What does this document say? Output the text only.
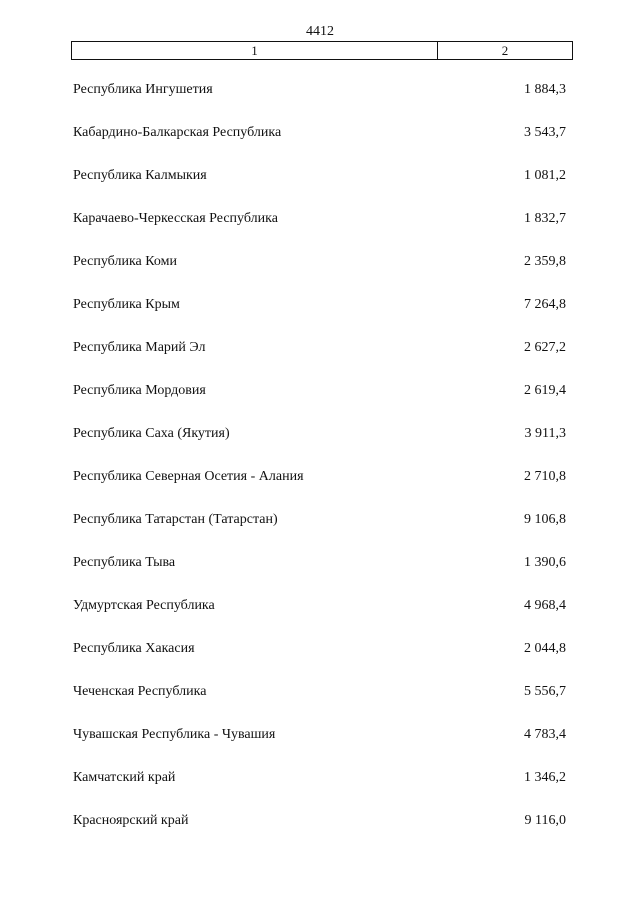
4412
1	2
Республика Ингушетия	1 884,3
Кабардино-Балкарская Республика	3 543,7
Республика Калмыкия	1 081,2
Карачаево-Черкесская Республика	1 832,7
Республика Коми	2 359,8
Республика Крым	7 264,8
Республика Марий Эл	2 627,2
Республика Мордовия	2 619,4
Республика Саха (Якутия)	3 911,3
Республика Северная Осетия - Алания	2 710,8
Республика Татарстан (Татарстан)	9 106,8
Республика Тыва	1 390,6
Удмуртская Республика	4 968,4
Республика Хакасия	2 044,8
Чеченская Республика	5 556,7
Чувашская Республика - Чувашия	4 783,4
Камчатский край	1 346,2
Красноярский край	9 116,0
